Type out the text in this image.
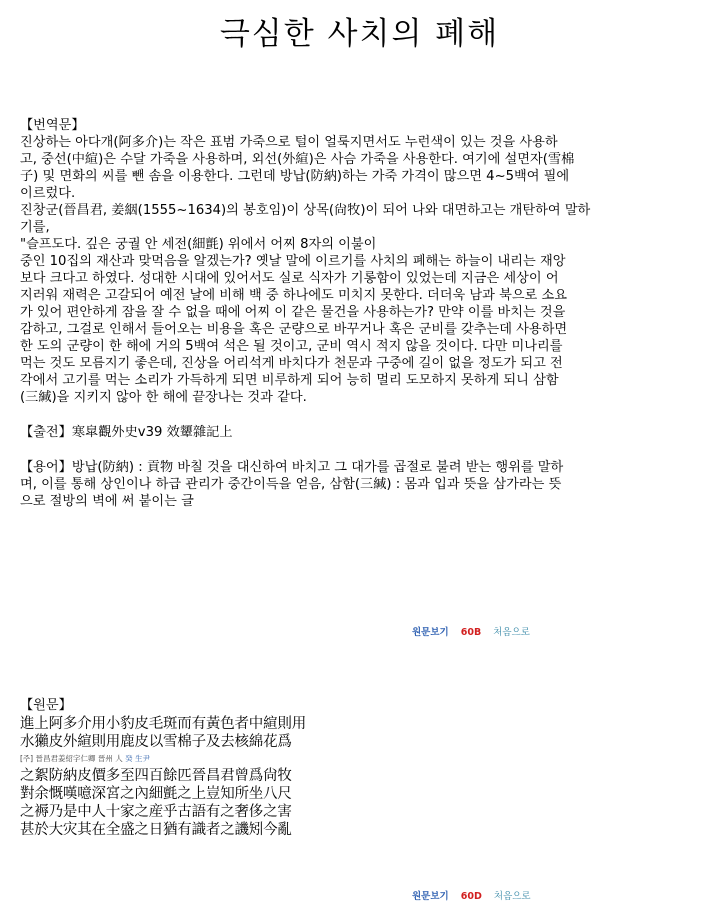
극심한 사치의 폐해
【번역문】
진상하는 아다개(阿多介)는 작은 표범 가죽으로 털이 얼룩지면서도 누런색이 있는 것을 사용하
고, 중선(中縇)은 수달 가죽을 사용하며, 외선(外縇)은 사슴 가죽을 사용한다. 여기에 설면자(雪棉
子) 및 면화의 씨를 뺀 솜을 이용한다. 그런데 방납(防納)하는 가죽 가격이 많으면 4~5백여 필에
이르렀다.
진창군(晉昌君, 姜絪(1555~1634)의 봉호임)이 상목(尙牧)이 되어 나와 대면하고는 개탄하여 말하
기를,
"슬프도다. 깊은 궁궐 안 세전(細氈) 위에서 어찌 8자의 이불이
중인 10집의 재산과 맞먹음을 알겠는가? 옛날 말에 이르기를 사치의 폐해는 하늘이 내리는 재앙
보다 크다고 하였다. 성대한 시대에 있어서도 실로 식자가 기롱함이 있었는데 지금은 세상이 어
지러워 재력은 고갈되어 예전 날에 비해 백 중 하나에도 미치지 못한다. 더더욱 남과 북으로 소요
가 있어 편안하게 잠을 잘 수 없을 때에 어찌 이 같은 물건을 사용하는가? 만약 이를 바치는 것을
감하고, 그걸로 인해서 들어오는 비용을 혹은 군량으로 바꾸거나 혹은 군비를 갖추는데 사용하면
한 도의 군량이 한 해에 거의 5백여 석은 될 것이고, 군비 역시 적지 않을 것이다. 다만 미나리를
먹는 것도 모름지기 좋은데, 진상을 어리석게 바치다가 천문과 구중에 길이 없을 정도가 되고 전
각에서 고기를 먹는 소리가 가득하게 되면 비루하게 되어 능히 멀리 도모하지 못하게 되니 삼함
(三緘)을 지키지 않아 한 해에 끝장나는 것과 같다.
【출전】寒皐觀外史v39 效顰雜記上
【용어】방납(防納) : 貢物 바칠 것을 대신하여 바치고 그 대가를 곱절로 불려 받는 행위를 말하
며, 이를 통해 상인이나 하급 관리가 중간이득을 얻음, 삼함(三緘) : 몸과 입과 뜻을 삼가라는 뜻
으로 절방의 벽에 써 붙이는 글
원문보기 60B 처음으로
【원문】
進上阿多介用小豹皮毛斑而有黃色者中縇則用
水獺皮外縇則用鹿皮以雪棉子及去核綿花爲
[주] 晉昌君姜紹字仁卿 晉州 人 癸 生尹
之絮防納皮價多至四百餘匹晉昌君曾爲尙牧
對余慨嘆噫深宮之內細氈之上豈知所坐八尺
之褥乃是中人十家之産乎古語有之奢侈之害
甚於大灾其在全盛之日猶有識者之譏矧今亂
원문보기 60D 처음으로
